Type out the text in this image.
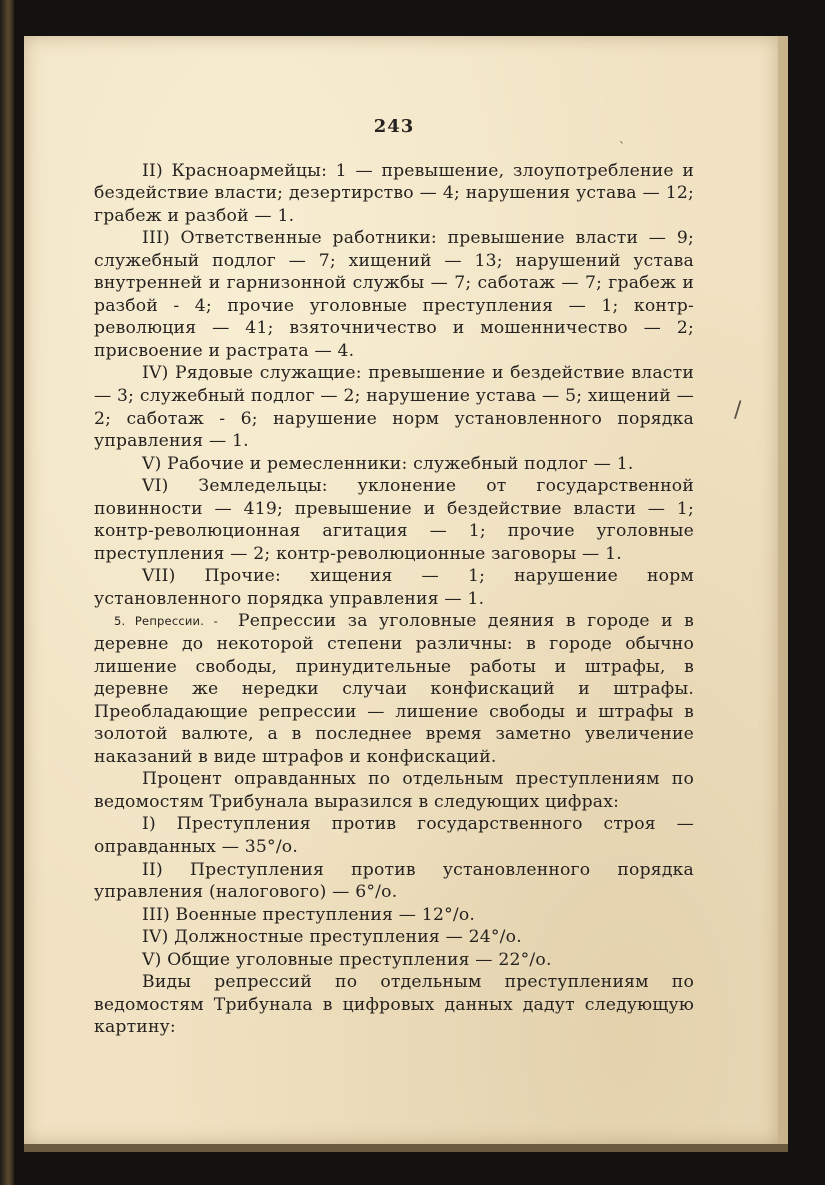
/
ˋ
243

II) Красноармейцы: 1 — превышение, злоупотребление и бездействие власти; дезертирство — 4; нарушения устава — 12; грабеж и разбой — 1.

III) Ответственные работники: превышение власти — 9; служебный подлог — 7; хищений — 13; нарушений устава внутренней и гарнизонной службы — 7; саботаж — 7; грабеж и разбой - 4; прочие уголовные преступления — 1; контр-революция — 41; взяточничество и мошенничество — 2; присвоение и растрата — 4.

IV) Рядовые служащие: превышение и бездействие власти — 3; служебный подлог — 2; нарушение устава — 5; хищений — 2; саботаж - 6; нарушение норм установленного порядка управления — 1.

V) Рабочие и ремесленники: служебный подлог — 1.

VI) Земледельцы: уклонение от государственной повинности — 419; превышение и бездействие власти — 1; контр-революционная агитация — 1; прочие уголовные преступления — 2; контр-революционные заговоры — 1.

VII) Прочие: хищения — 1; нарушение норм установленного порядка управления — 1.

5. Репрессии. - Репрессии за уголовные деяния в городе и в деревне до некоторой степени различны: в городе обычно лишение свободы, принудительные работы и штрафы, в деревне же нередки случаи конфискаций и штрафы. Преобладающие репрессии — лишение свободы и штрафы в золотой валюте, а в последнее время заметно увеличение наказаний в виде штрафов и конфискаций.

Процент оправданных по отдельным преступлениям по ведомостям Трибунала выразился в следующих цифрах:

I) Преступления против государственного строя — оправданных — 35°/о.

II) Преступления против установленного порядка управления (налогового) — 6°/о.

III) Военные преступления — 12°/о.

IV) Должностные преступления — 24°/о.

V) Общие уголовные преступления — 22°/о.

Виды репрессий по отдельным преступлениям по ведомостям Трибунала в цифровых данных дадут следующую картину:
